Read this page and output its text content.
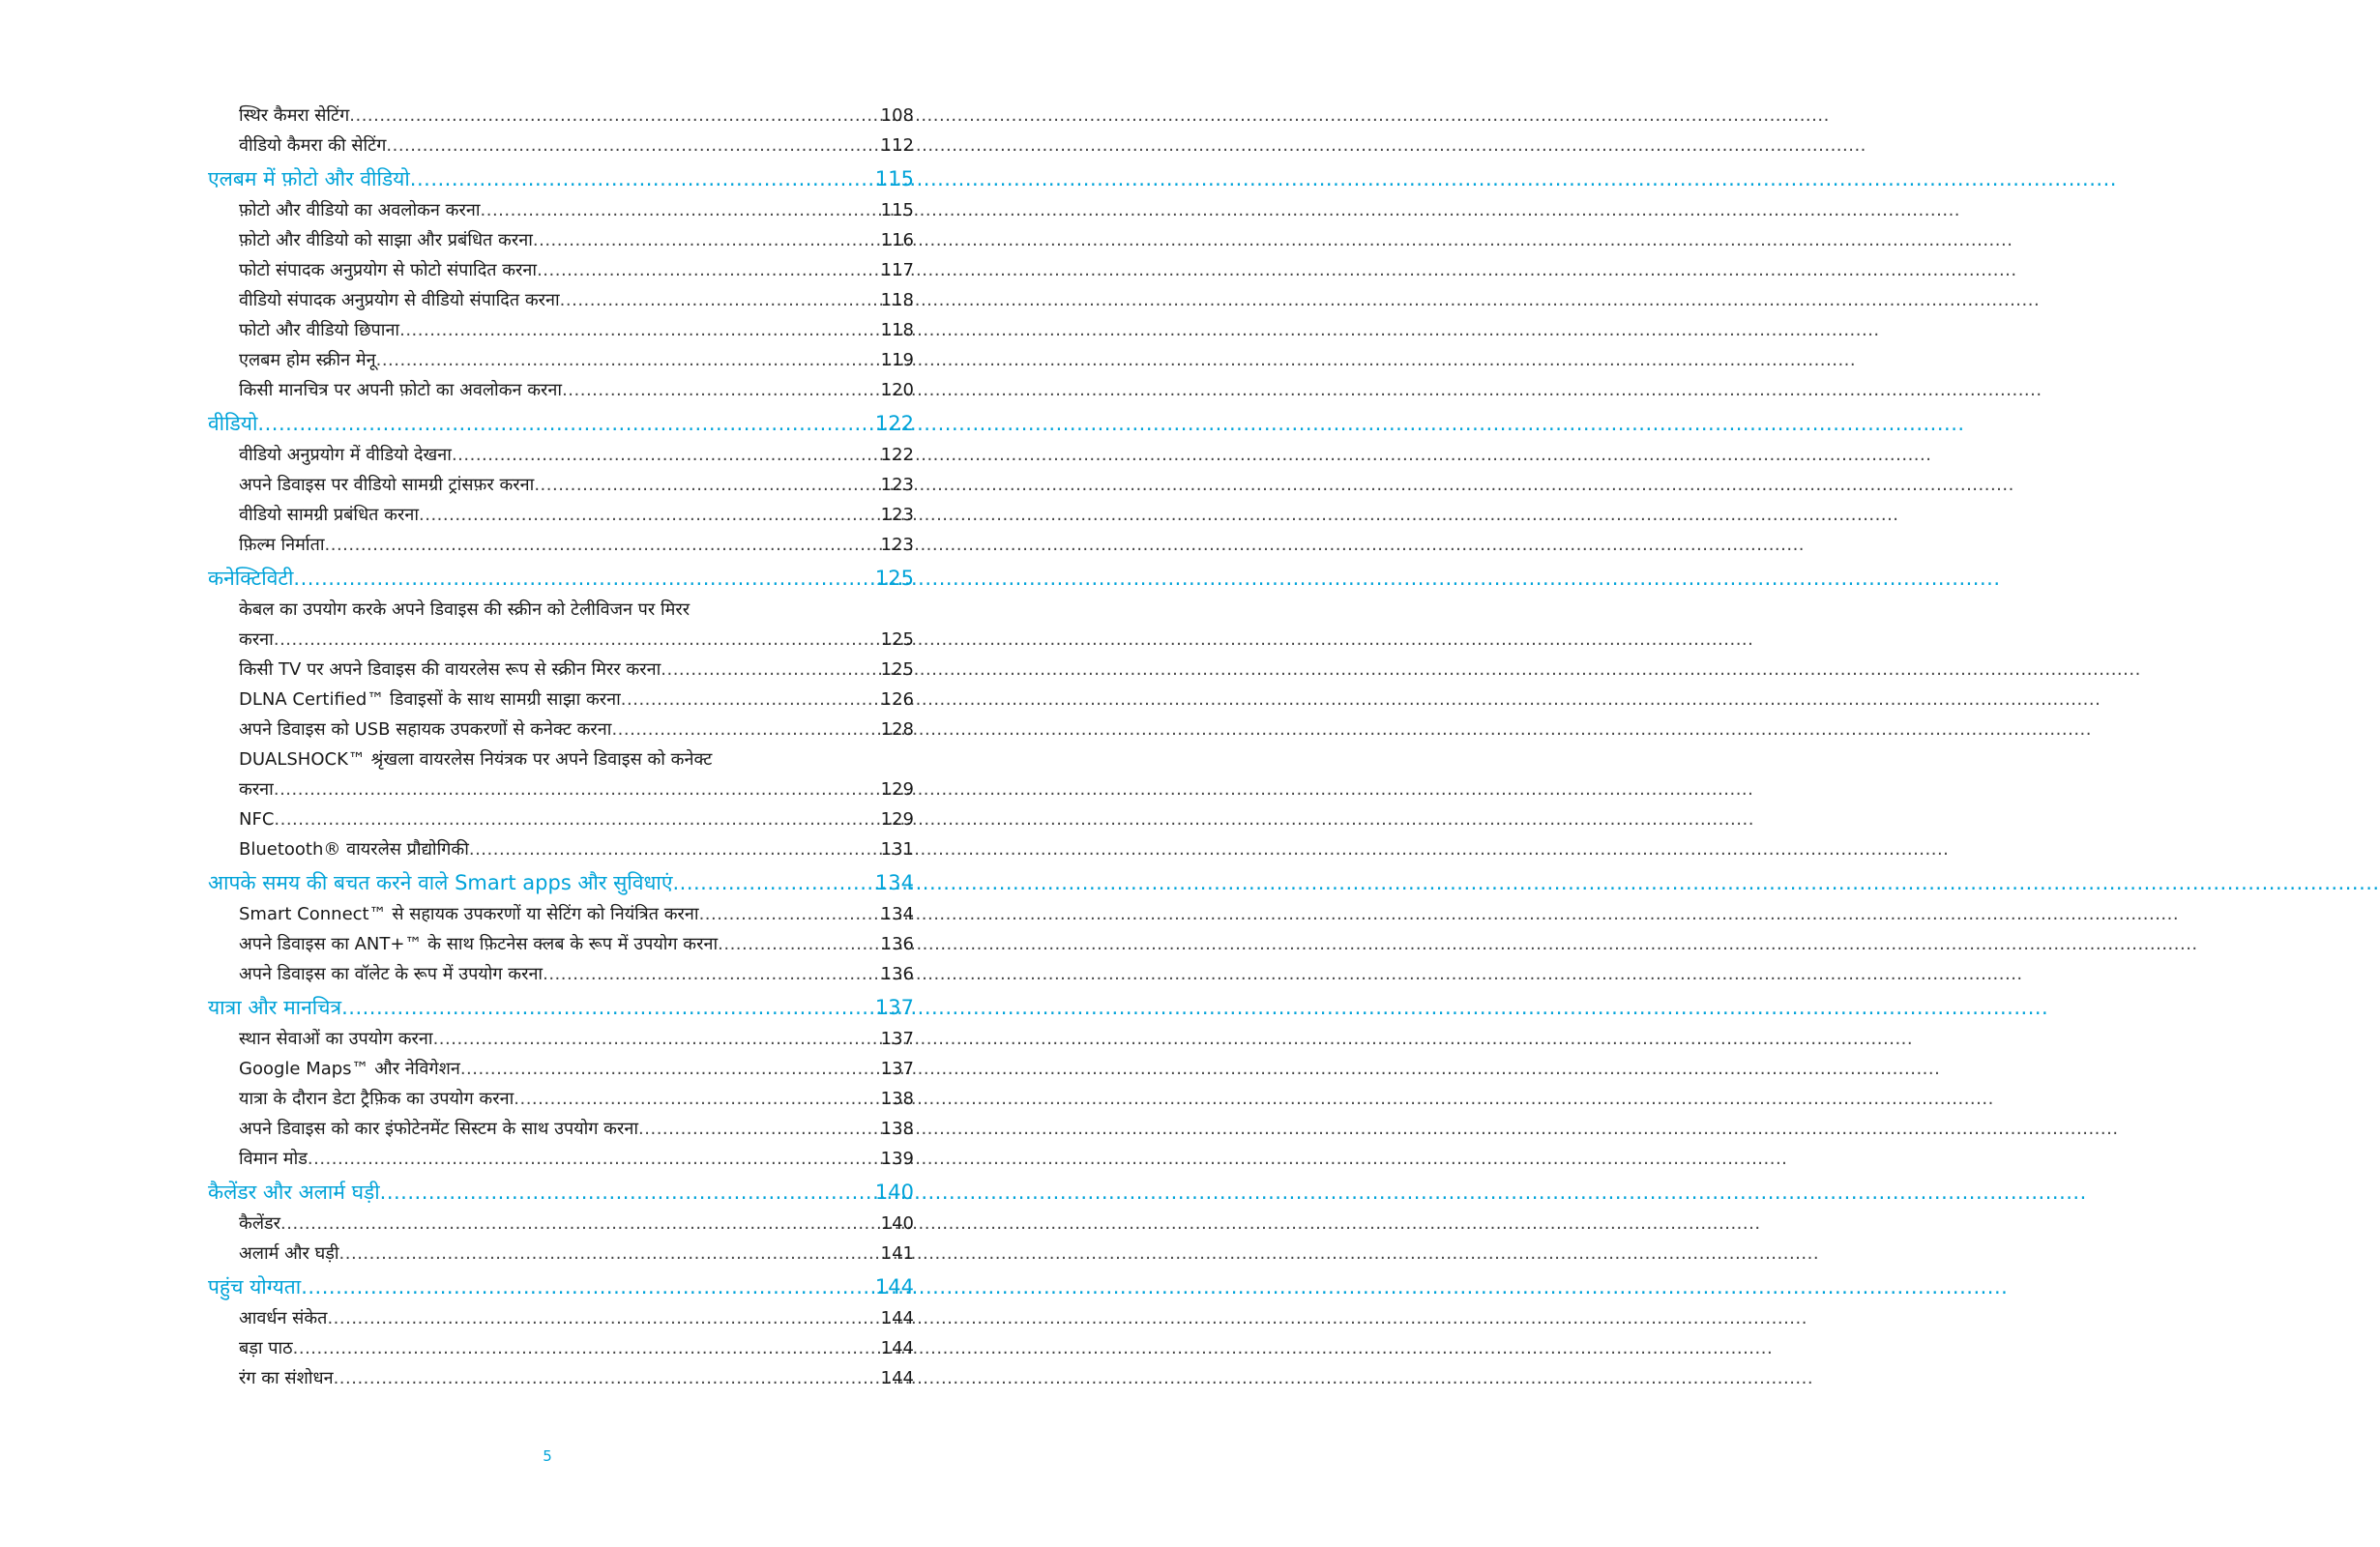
स्थिर कैमरा सेटिंग .....	108
वीडियो कैमरा की सेटिंग .....	112
एलबम में फ़ोटो और वीडियो .....	115
फ़ोटो और वीडियो का अवलोकन करना .....	115
फ़ोटो और वीडियो को साझा और प्रबंधित करना .....	116
फोटो संपादक अनुप्रयोग से फोटो संपादित करना .....	117
वीडियो संपादक अनुप्रयोग से वीडियो संपादित करना .....	118
फोटो और वीडियो छिपाना .....	118
एलबम होम स्क्रीन मेनू .....	119
किसी मानचित्र पर अपनी फ़ोटो का अवलोकन करना .....	120
वीडियो .....	122
वीडियो अनुप्रयोग में वीडियो देखना .....	122
अपने डिवाइस पर वीडियो सामग्री ट्रांसफ़र करना .....	123
वीडियो सामग्री प्रबंधित करना .....	123
फ़िल्म निर्माता .....	123
कनेक्टिविटी .....	125
केबल का उपयोग करके अपने डिवाइस की स्क्रीन को टेलीविजन पर मिरर
करना .....	125
किसी TV पर अपने डिवाइस की वायरलेस रूप से स्क्रीन मिरर करना .....	125
DLNA Certified™ डिवाइसों के साथ सामग्री साझा करना .....	126
अपने डिवाइस को USB सहायक उपकरणों से कनेक्ट करना .....	128
DUALSHOCK™ श्रृंखला वायरलेस नियंत्रक पर अपने डिवाइस को कनेक्ट
करना .....	129
NFC .....	129
Bluetooth® वायरलेस प्रौद्योगिकी .....	131
आपके समय की बचत करने वाले Smart apps और सुविधाएं .....	134
Smart Connect™ से सहायक उपकरणों या सेटिंग को नियंत्रित करना .....	134
अपने डिवाइस का ANT+™ के साथ फ़िटनेस क्लब के रूप में उपयोग करना .....	136
अपने डिवाइस का वॉलेट के रूप में उपयोग करना .....	136
यात्रा और मानचित्र .....	137
स्थान सेवाओं का उपयोग करना .....	137
Google Maps™ और नेविगेशन .....	137
यात्रा के दौरान डेटा ट्रैफ़िक का उपयोग करना .....	138
अपने डिवाइस को कार इंफोटेनमेंट सिस्टम के साथ उपयोग करना .....	138
विमान मोड .....	139
कैलेंडर और अलार्म घड़ी .....	140
कैलेंडर .....	140
अलार्म और घड़ी .....	141
पहुंच योग्यता .....	144
आवर्धन संकेत .....	144
बड़ा पाठ .....	144
रंग का संशोधन .....	144
5
